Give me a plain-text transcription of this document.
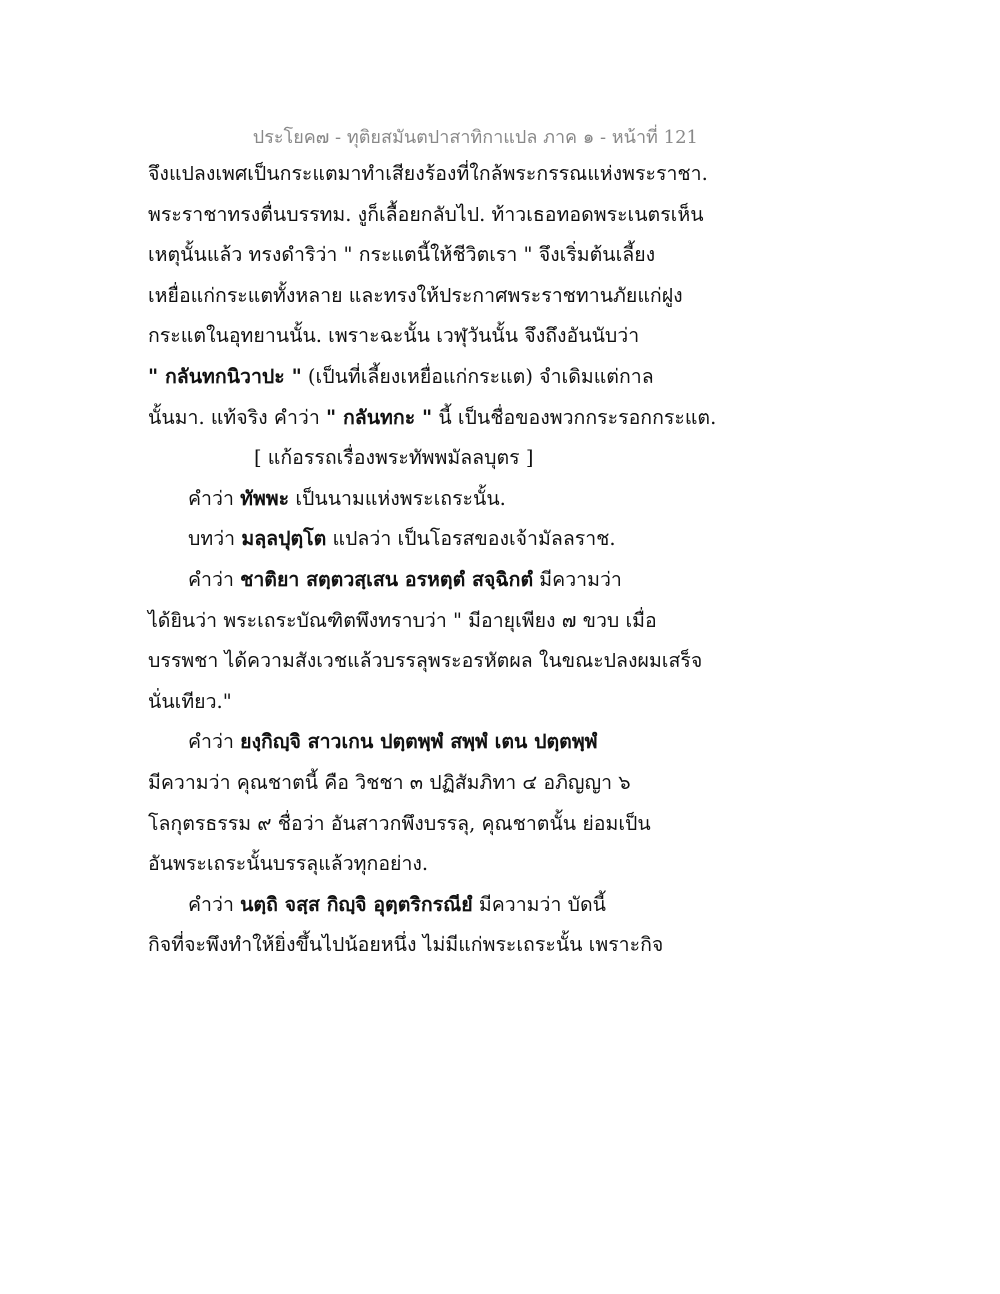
ประโยค๗ - ทุติยสมันตปาสาทิกาแปล ภาค ๑ - หน้าที่ 121
จึงแปลงเพศเป็นกระแตมาทำเสียงร้องที่ใกล้พระกรรณแห่งพระราชา.
พระราชาทรงตื่นบรรทม. งูก็เลื้อยกลับไป. ท้าวเธอทอดพระเนตรเห็น
เหตุนั้นแล้ว ทรงดำริว่า " กระแตนี้ให้ชีวิตเรา " จึงเริ่มต้นเลี้ยง
เหยื่อแก่กระแตทั้งหลาย และทรงให้ประกาศพระราชทานภัยแก่ฝูง
กระแตในอุทยานนั้น. เพราะฉะนั้น เวฬุวันนั้น จึงถึงอันนับว่า
" กลันทกนิวาปะ " (เป็นที่เลี้ยงเหยื่อแก่กระแต) จำเดิมแต่กาล
นั้นมา. แท้จริง คำว่า " กลันทกะ " นี้ เป็นชื่อของพวกกระรอกกระแต.
[ แก้อรรถเรื่องพระทัพพมัลลบุตร ]
คำว่า ทัพพะ เป็นนามแห่งพระเถระนั้น.
บทว่า มลฺลปุตฺโต แปลว่า เป็นโอรสของเจ้ามัลลราช.
คำว่า ชาติยา สตฺตวสฺเสน อรหตฺตํ สจฺฉิกตํ มีความว่า
ได้ยินว่า พระเถระบัณฑิตพึงทราบว่า " มีอายุเพียง ๗ ขวบ เมื่อ
บรรพชา ได้ความสังเวชแล้วบรรลุพระอรหัตผล ในขณะปลงผมเสร็จ
นั่นเทียว."
คำว่า ยงฺกิญฺจิ สาวเกน ปตฺตพฺพํ สพฺพํ เตน ปตฺตพฺพํ
มีความว่า คุณชาตนี้ คือ วิชชา ๓ ปฏิสัมภิทา ๔ อภิญญา ๖
โลกุตรธรรม ๙ ชื่อว่า อันสาวกพึงบรรลุ, คุณชาตนั้น ย่อมเป็น
อันพระเถระนั้นบรรลุแล้วทุกอย่าง.
คำว่า นตฺถิ จสฺส กิญฺจิ อุตฺตริกรณียํ มีความว่า บัดนี้
กิจที่จะพึงทำให้ยิ่งขึ้นไปน้อยหนึ่ง ไม่มีแก่พระเถระนั้น เพราะกิจ
